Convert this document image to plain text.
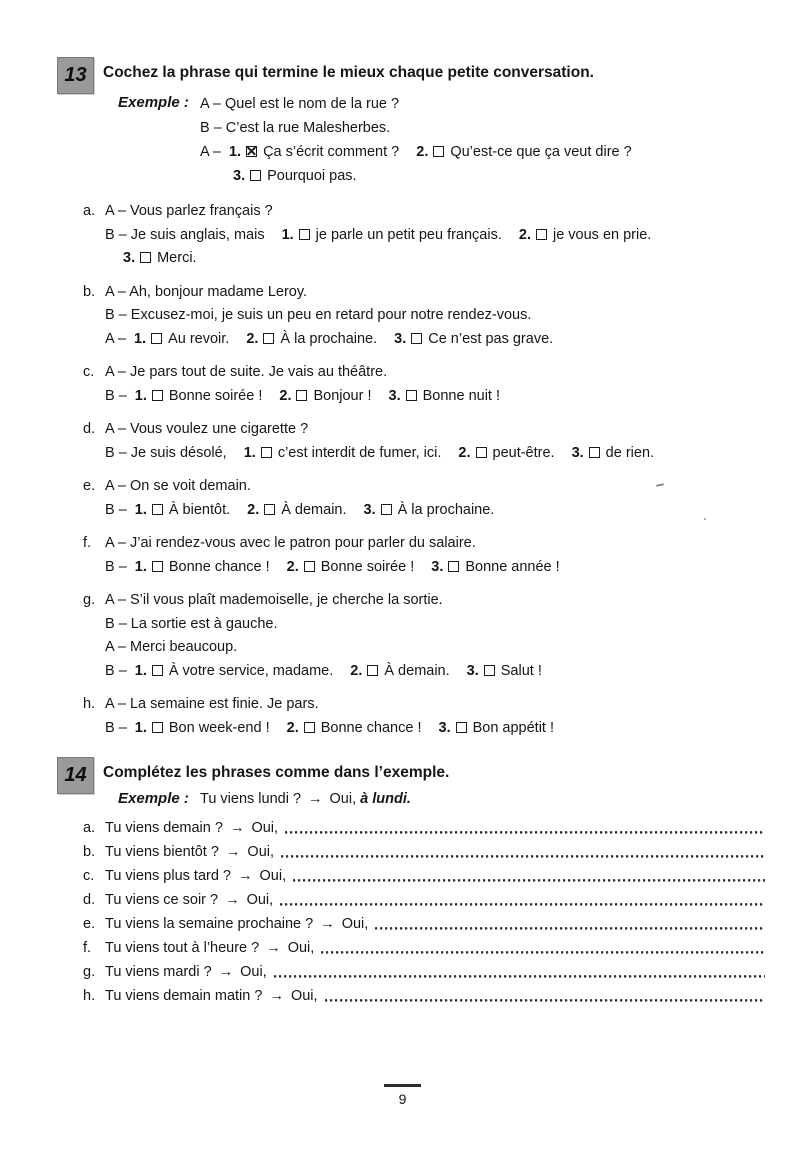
13	Cochez la phrase qui termine le mieux chaque petite conversation.
Exemple : A – Quel est le nom de la rue ?
B – C’est la rue Malesherbes.
A – 1. Ça s’écrit comment ? 2. Qu’est-ce que ça veut dire ?
3. Pourquoi pas.
a. A – Vous parlez français ?
B – Je suis anglais, mais 1. je parle un petit peu français. 2. je vous en prie.
3. Merci.
b. A – Ah, bonjour madame Leroy.
B – Excusez-moi, je suis un peu en retard pour notre rendez-vous.
A – 1. Au revoir. 2. À la prochaine. 3. Ce n’est pas grave.
c. A – Je pars tout de suite. Je vais au théâtre.
B – 1. Bonne soirée ! 2. Bonjour ! 3. Bonne nuit !
d. A – Vous voulez une cigarette ?
B – Je suis désolé, 1. c’est interdit de fumer, ici. 2. peut-être. 3. de rien.
e. A – On se voit demain.
B – 1. À bientôt. 2. À demain. 3. À la prochaine.
f. A – J’ai rendez-vous avec le patron pour parler du salaire.
B – 1. Bonne chance ! 2. Bonne soirée ! 3. Bonne année !
g. A – S’il vous plaît mademoiselle, je cherche la sortie.
B – La sortie est à gauche.
A – Merci beaucoup.
B – 1. À votre service, madame. 2. À demain. 3. Salut !
h. A – La semaine est finie. Je pars.
B – 1. Bon week-end ! 2. Bonne chance ! 3. Bon appétit !
14	Complétez les phrases comme dans l’exemple.
Exemple : Tu viens lundi ? → Oui, à lundi.
a. Tu viens demain ? → Oui,
b. Tu viens bientôt ? → Oui,
c. Tu viens plus tard ? → Oui,
d. Tu viens ce soir ? → Oui,
e. Tu viens la semaine prochaine ? → Oui,
f. Tu viens tout à l’heure ? → Oui,
g. Tu viens mardi ? → Oui,
h. Tu viens demain matin ? → Oui,
9
